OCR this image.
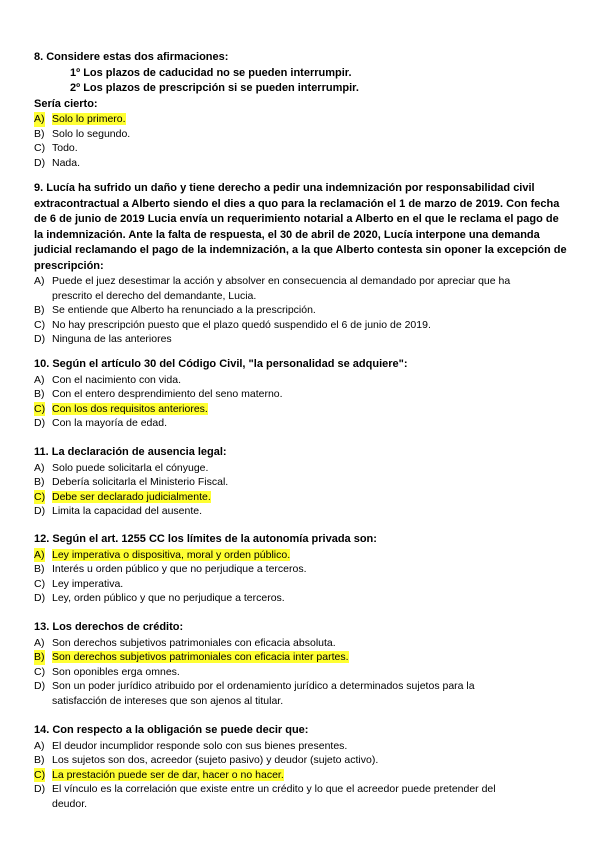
8. Considere estas dos afirmaciones:
1º Los plazos de caducidad no se pueden interrumpir.
2º Los plazos de prescripción si se pueden interrumpir.
Sería cierto:
A) Solo lo primero.
B) Solo lo segundo.
C) Todo.
D) Nada.
9. Lucía ha sufrido un daño y tiene derecho a pedir una indemnización por responsabilidad civil
extracontractual a Alberto siendo el dies a quo para la reclamación el 1 de marzo de 2019. Con fecha
de 6 de junio de 2019 Lucia envía un requerimiento notarial a Alberto en el que le reclama el pago de
la indemnización. Ante la falta de respuesta, el 30 de abril de 2020, Lucía interpone una demanda
judicial reclamando el pago de la indemnización, a la que Alberto contesta sin oponer la excepción de
prescripción:
A) Puede el juez desestimar la acción y absolver en consecuencia al demandado por apreciar que ha
prescrito el derecho del demandante, Lucia.
B) Se entiende que Alberto ha renunciado a la prescripción.
C) No hay prescripción puesto que el plazo quedó suspendido el 6 de junio de 2019.
D) Ninguna de las anteriores
10. Según el artículo 30 del Código Civil, "la personalidad se adquiere":
A) Con el nacimiento con vida.
B) Con el entero desprendimiento del seno materno.
C) Con los dos requisitos anteriores.
D) Con la mayoría de edad.
11. La declaración de ausencia legal:
A) Solo puede solicitarla el cónyuge.
B) Debería solicitarla el Ministerio Fiscal.
C) Debe ser declarado judicialmente.
D) Limita la capacidad del ausente.
12. Según el art. 1255 CC los límites de la autonomía privada son:
A) Ley imperativa o dispositiva, moral y orden público.
B) Interés u orden público y que no perjudique a terceros.
C) Ley imperativa.
D) Ley, orden público y que no perjudique a terceros.
13. Los derechos de crédito:
A) Son derechos subjetivos patrimoniales con eficacia absoluta.
B) Son derechos subjetivos patrimoniales con eficacia inter partes.
C) Son oponibles erga omnes.
D) Son un poder jurídico atribuido por el ordenamiento jurídico a determinados sujetos para la
satisfacción de intereses que son ajenos al titular.
14. Con respecto a la obligación se puede decir que:
A) El deudor incumplidor responde solo con sus bienes presentes.
B) Los sujetos son dos, acreedor (sujeto pasivo) y deudor (sujeto activo).
C) La prestación puede ser de dar, hacer o no hacer.
D) El vínculo es la correlación que existe entre un crédito y lo que el acreedor puede pretender del
deudor.
